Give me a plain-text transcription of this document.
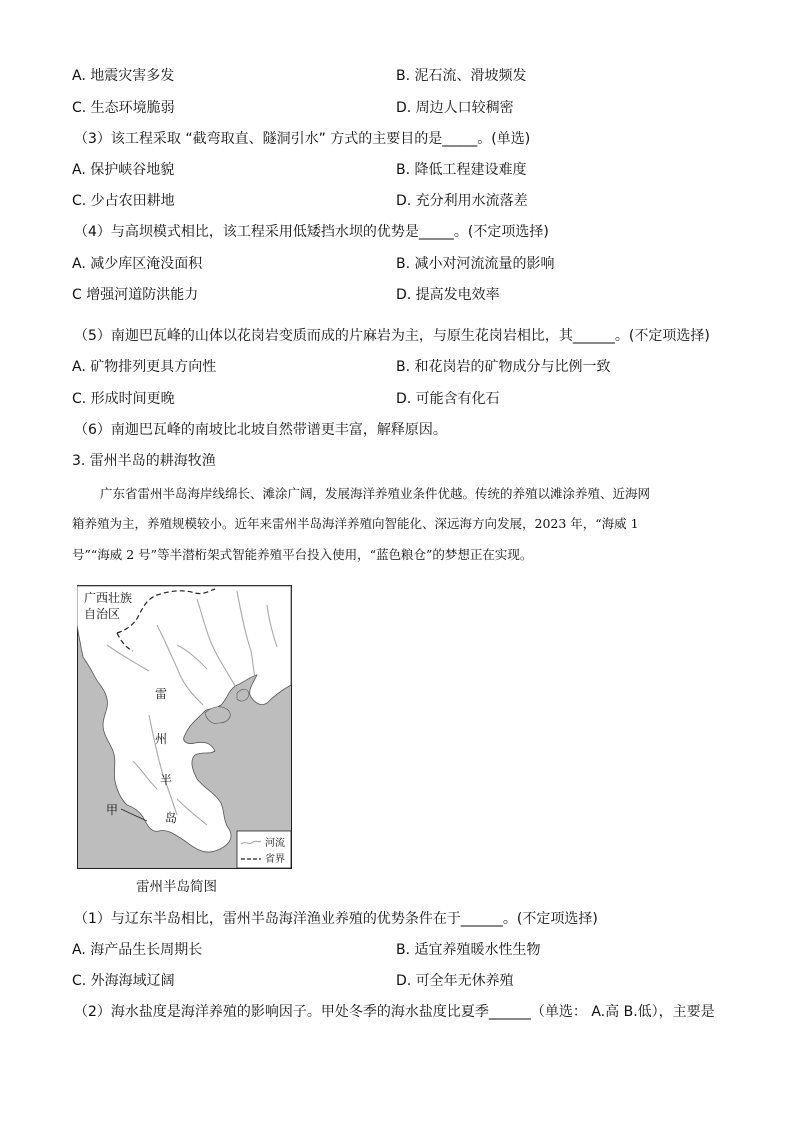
A. 地震灾害多发	B. 泥石流、滑坡频发
C. 生态环境脆弱	D. 周边人口较稠密
（3）该工程采取 “截弯取直、隧洞引水” 方式的主要目的是_____。(单选)
A. 保护峡谷地貌	B. 降低工程建设难度
C. 少占农田耕地	D. 充分利用水流落差
（4）与高坝模式相比，该工程采用低矮挡水坝的优势是_____。(不定项选择)
A. 减少库区淹没面积	B. 减小对河流流量的影响
C 增强河道防洪能力	D. 提高发电效率
（5）南迦巴瓦峰的山体以花岗岩变质而成的片麻岩为主，与原生花岗岩相比，其______。(不定项选择)
A. 矿物排列更具方向性	B. 和花岗岩的矿物成分与比例一致
C. 形成时间更晚	D. 可能含有化石
（6）南迦巴瓦峰的南坡比北坡自然带谱更丰富，解释原因。
3. 雷州半岛的耕海牧渔
广东省雷州半岛海岸线绵长、滩涂广阔，发展海洋养殖业条件优越。传统的养殖以滩涂养殖、近海网
箱养殖为主，养殖规模较小。近年来雷州半岛海洋养殖向智能化、深远海方向发展，2023 年，“海威 1
号”“海威 2 号”等半潜桁架式智能养殖平台投入使用，“蓝色粮仓”的梦想正在实现。
广西壮族
自治区
雷
州
半
岛
甲
河流
省界
雷州半岛简图
（1）与辽东半岛相比，雷州半岛海洋渔业养殖的优势条件在于______。(不定项选择)
A. 海产品生长周期长	B. 适宜养殖暖水性生物
C. 外海海域辽阔	D. 可全年无休养殖
（2）海水盐度是海洋养殖的影响因子。甲处冬季的海水盐度比夏季______（单选： A.高 B.低），主要是
